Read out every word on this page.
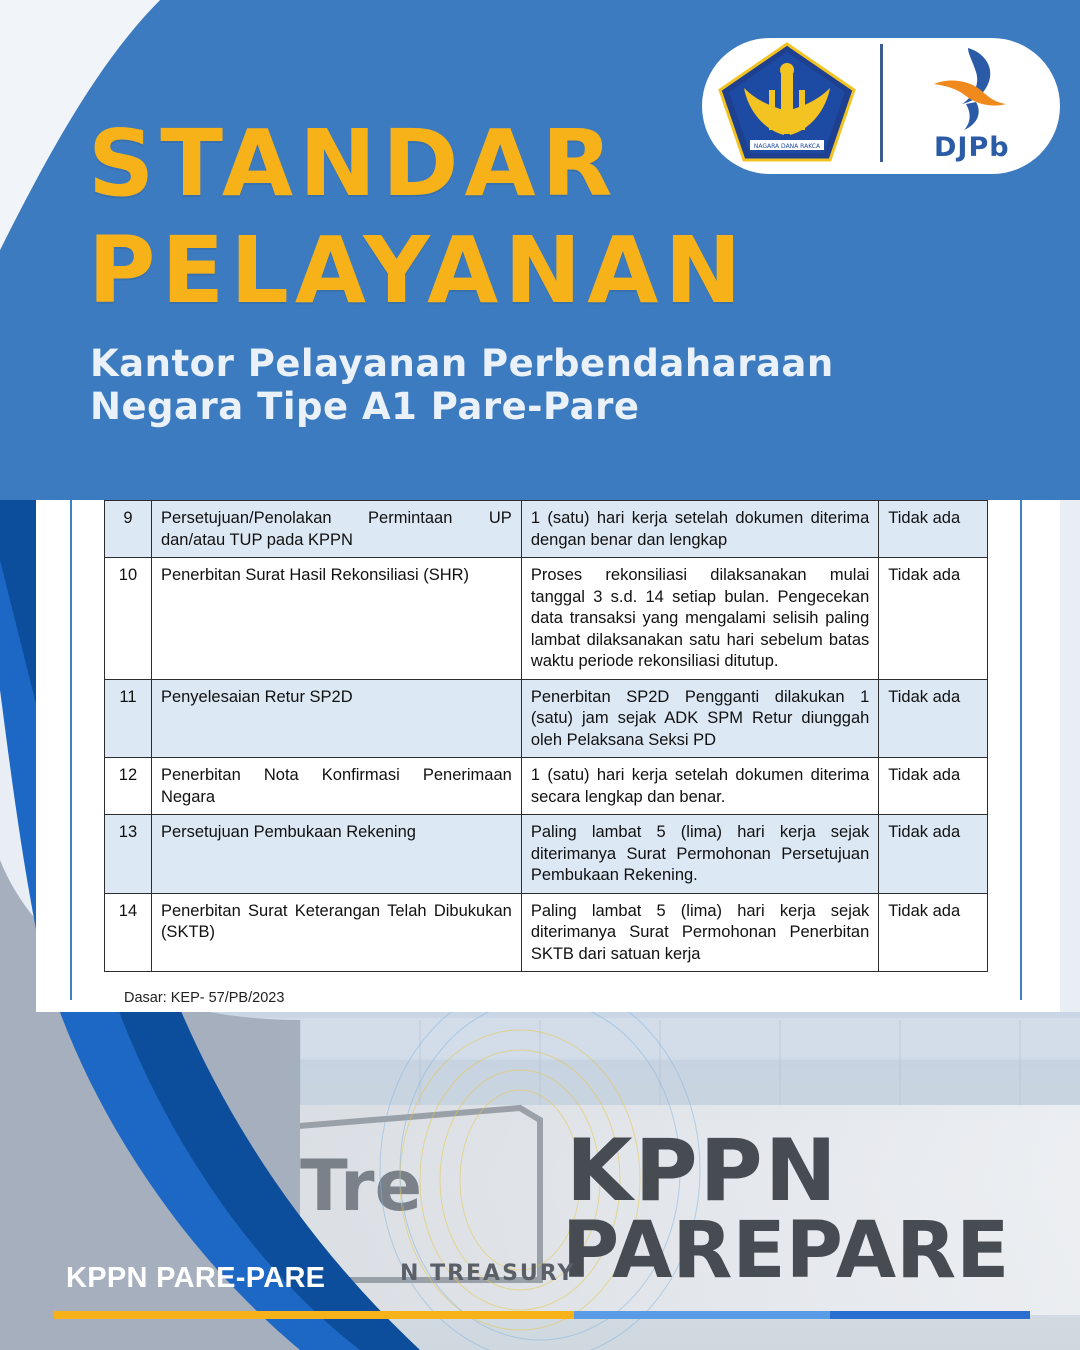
Tre
NAGARA DANA RAKCA	DJPb
STANDAR
PELAYANAN
Kantor Pelayanan Perbendaharaan
Negara Tipe A1 Pare-Pare
9	Persetujuan/Penolakan Permintaan UP dan/atau TUP pada KPPN	1 (satu) hari kerja setelah dokumen diterima dengan benar dan lengkap	Tidak ada
10	Penerbitan Surat Hasil Rekonsiliasi (SHR)	Proses rekonsiliasi dilaksanakan mulai tanggal 3 s.d. 14 setiap bulan. Pengecekan data transaksi yang mengalami selisih paling lambat dilaksanakan satu hari sebelum batas waktu periode rekonsiliasi ditutup.	Tidak ada
11	Penyelesaian Retur SP2D	Penerbitan SP2D Pengganti dilakukan 1 (satu) jam sejak ADK SPM Retur diunggah oleh Pelaksana Seksi PD	Tidak ada
12	Penerbitan Nota Konfirmasi Penerimaan Negara	1 (satu) hari kerja setelah dokumen diterima secara lengkap dan benar.	Tidak ada
13	Persetujuan Pembukaan Rekening	Paling lambat 5 (lima) hari kerja sejak diterimanya Surat Permohonan Persetujuan Pembukaan Rekening.	Tidak ada
14	Penerbitan Surat Keterangan Telah Dibukukan (SKTB)	Paling lambat 5 (lima) hari kerja sejak diterimanya Surat Permohonan Penerbitan SKTB dari satuan kerja	Tidak ada
Dasar: KEP- 57/PB/2023
KPPN
PAREPARE
N TREASURY
KPPN PARE-PARE
